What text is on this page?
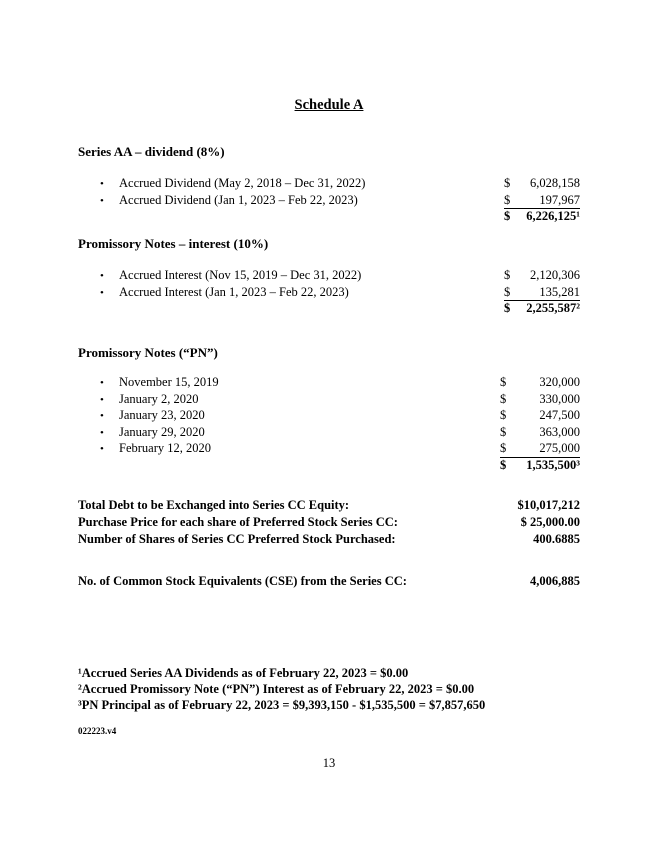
Schedule A
Series AA – dividend (8%)
•	Accrued Dividend (May 2, 2018 – Dec 31, 2022)	$ 6,028,158
•	Accrued Dividend (Jan 1, 2023 – Feb 22, 2023)	$ 197,967
$ 6,226,125¹
Promissory Notes – interest (10%)
•	Accrued Interest (Nov 15, 2019 – Dec 31, 2022)	$ 2,120,306
•	Accrued Interest (Jan 1, 2023 – Feb 22, 2023)	$ 135,281
$ 2,255,587²
Promissory Notes (“PN”)
•	November 15, 2019	$	320,000
•	January 2, 2020	$	330,000
•	January 23, 2020	$	247,500
•	January 29, 2020	$	363,000
•	February 12, 2020	$	275,000
$ 1,535,500³
Total Debt to be Exchanged into Series CC Equity:	$10,017,212
Purchase Price for each share of Preferred Stock Series CC:	$ 25,000.00
Number of Shares of Series CC Preferred Stock Purchased:	400.6885
No. of Common Stock Equivalents (CSE) from the Series CC:	4,006,885
¹Accrued Series AA Dividends as of February 22, 2023 = $0.00
²Accrued Promissory Note (“PN”) Interest as of February 22, 2023 = $0.00
³PN Principal as of February 22, 2023 = $9,393,150 - $1,535,500 = $7,857,650
022223.v4
13
